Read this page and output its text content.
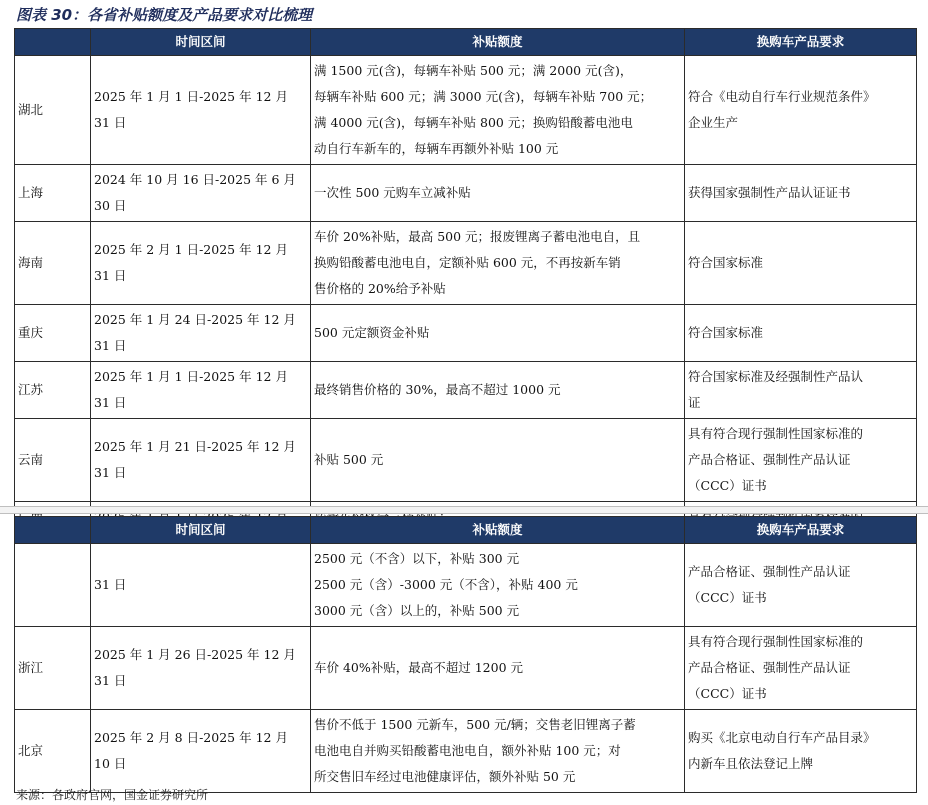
图表 30：各省补贴额度及产品要求对比梳理
	时间区间	补贴额度	换购车产品要求
湖北	2025 年 1 月 1 日-2025 年 12 月
31 日	满 1500 元(含)，每辆车补贴 500 元；满 2000 元(含)，
每辆车补贴 600 元；满 3000 元(含)，每辆车补贴 700 元；
满 4000 元(含)，每辆车补贴 800 元；换购铅酸蓄电池电
动自行车新车的，每辆车再额外补贴 100 元	符合《电动自行车行业规范条件》
企业生产

上海	2024 年 10 月 16 日-2025 年 6 月
30 日	一次性 500 元购车立减补贴	获得国家强制性产品认证证书

海南	2025 年 2 月 1 日-2025 年 12 月
31 日	车价 20%补贴，最高 500 元；报废锂离子蓄电池电自，且
换购铅酸蓄电池电自，定额补贴 600 元，不再按新车销
售价格的 20%给予补贴	符合国家标准

重庆	2025 年 1 月 24 日-2025 年 12 月
31 日	500 元定额资金补贴	符合国家标准

江苏	2025 年 1 月 1 日-2025 年 12 月
31 日	最终销售价格的 30%，最高不超过 1000 元	符合国家标准及经强制性产品认
证

云南	2025 年 1 月 21 日-2025 年 12 月
31 日	补贴 500 元	具有符合现行强制性国家标准的
产品合格证、强制性产品认证
（CCC）证书

	时间区间	补贴额度	换购车产品要求

	31 日	2500 元（不含）以下，补贴 300 元
2500 元（含）-3000 元（不含），补贴 400 元
3000 元（含）以上的，补贴 500 元	产品合格证、强制性产品认证
（CCC）证书

浙江	2025 年 1 月 26 日-2025 年 12 月
31 日	车价 40%补贴，最高不超过 1200 元	具有符合现行强制性国家标准的
产品合格证、强制性产品认证
（CCC）证书

北京	2025 年 2 月 8 日-2025 年 12 月
10 日	售价不低于 1500 元新车，500 元/辆；交售老旧锂离子蓄
电池电自并购买铅酸蓄电池电自，额外补贴 100 元；对
所交售旧车经过电池健康评估，额外补贴 50 元	购买《北京电动自行车产品目录》
内新车且依法登记上牌
来源：各政府官网，国金证券研究所
